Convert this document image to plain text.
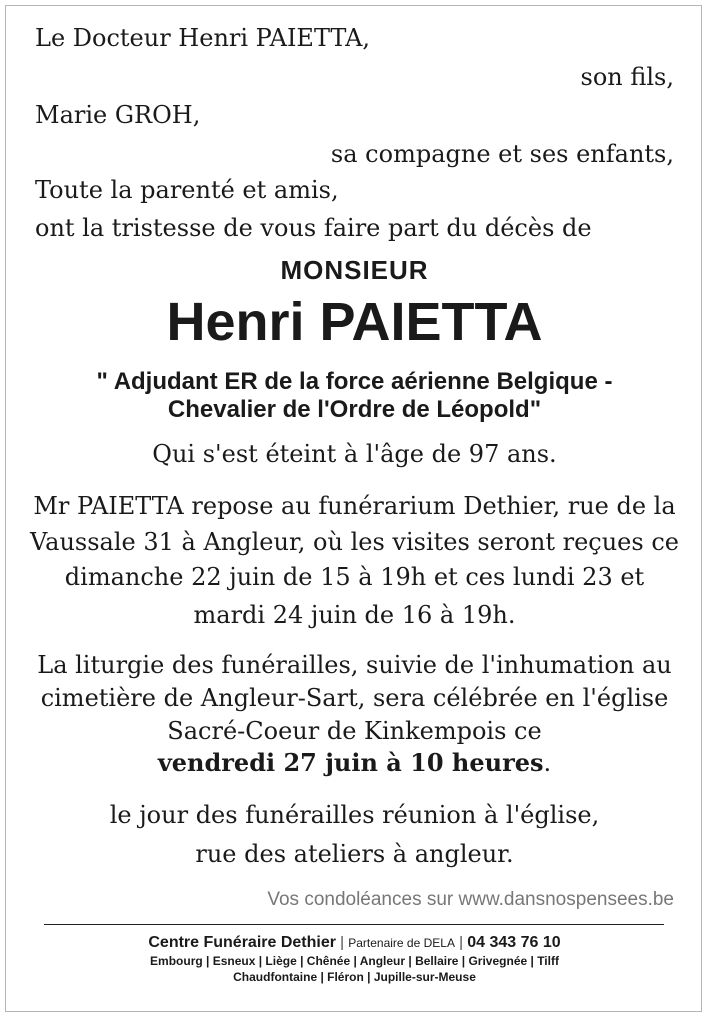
Le Docteur Henri PAIETTA,
son fils,
Marie GROH,
sa compagne et ses enfants,
Toute la parenté et amis,
ont la tristesse de vous faire part du décès de
MONSIEUR
Henri PAIETTA
" Adjudant ER de la force aérienne Belgique -
Chevalier de l'Ordre de Léopold"
Qui s'est éteint à l'âge de 97 ans.
Mr PAIETTA repose au funérarium Dethier, rue de la
Vaussale 31 à Angleur, où les visites seront reçues ce
dimanche 22 juin de 15 à 19h et ces lundi 23 et
mardi 24 juin de 16 à 19h.
La liturgie des funérailles, suivie de l'inhumation au
cimetière de Angleur-Sart, sera célébrée en l'église
Sacré-Coeur de Kinkempois ce
vendredi 27 juin à 10 heures.
le jour des funérailles réunion à l'église,
rue des ateliers à angleur.
Vos condoléances sur www.dansnospensees.be
Centre Funéraire Dethier | Partenaire de DELA | 04 343 76 10
Embourg | Esneux | Liège | Chênée | Angleur | Bellaire | Grivegnée | Tilff
Chaudfontaine | Fléron | Jupille-sur-Meuse
